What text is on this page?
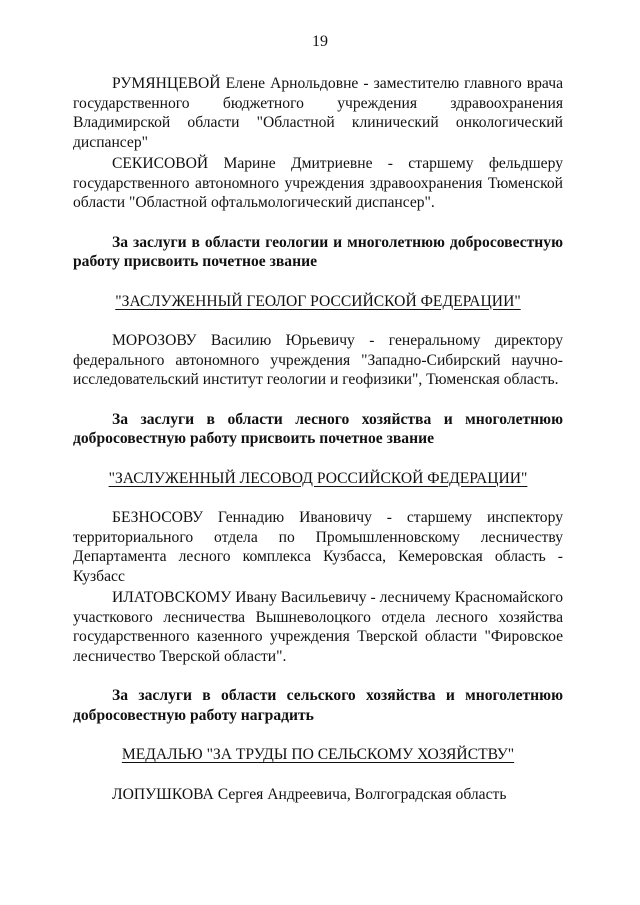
19

РУМЯНЦЕВОЙ Елене Арнольдовне - заместителю главного врача государственного бюджетного учреждения здравоохранения Владимирской области "Областной клинический онкологический диспансер"

СЕКИСОВОЙ Марине Дмитриевне - старшему фельдшеру государственного автономного учреждения здравоохранения Тюменской области "Областной офтальмологический диспансер".

За заслуги в области геологии и многолетнюю добросовестную работу присвоить почетное звание

"ЗАСЛУЖЕННЫЙ ГЕОЛОГ РОССИЙСКОЙ ФЕДЕРАЦИИ"

МОРОЗОВУ Василию Юрьевичу - генеральному директору федерального автономного учреждения "Западно-Сибирский научно-исследовательский институт геологии и геофизики", Тюменская область.

За заслуги в области лесного хозяйства и многолетнюю добросовестную работу присвоить почетное звание

"ЗАСЛУЖЕННЫЙ ЛЕСОВОД РОССИЙСКОЙ ФЕДЕРАЦИИ"

БЕЗНОСОВУ Геннадию Ивановичу - старшему инспектору территориального отдела по Промышленновскому лесничеству Департамента лесного комплекса Кузбасса, Кемеровская область - Кузбасс

ИЛАТОВСКОМУ Ивану Васильевичу - лесничему Красномайского участкового лесничества Вышневолоцкого отдела лесного хозяйства государственного казенного учреждения Тверской области "Фировское лесничество Тверской области".

За заслуги в области сельского хозяйства и многолетнюю добросовестную работу наградить

МЕДАЛЬЮ "ЗА ТРУДЫ ПО СЕЛЬСКОМУ ХОЗЯЙСТВУ"

ЛОПУШКОВА Сергея Андреевича, Волгоградская область
